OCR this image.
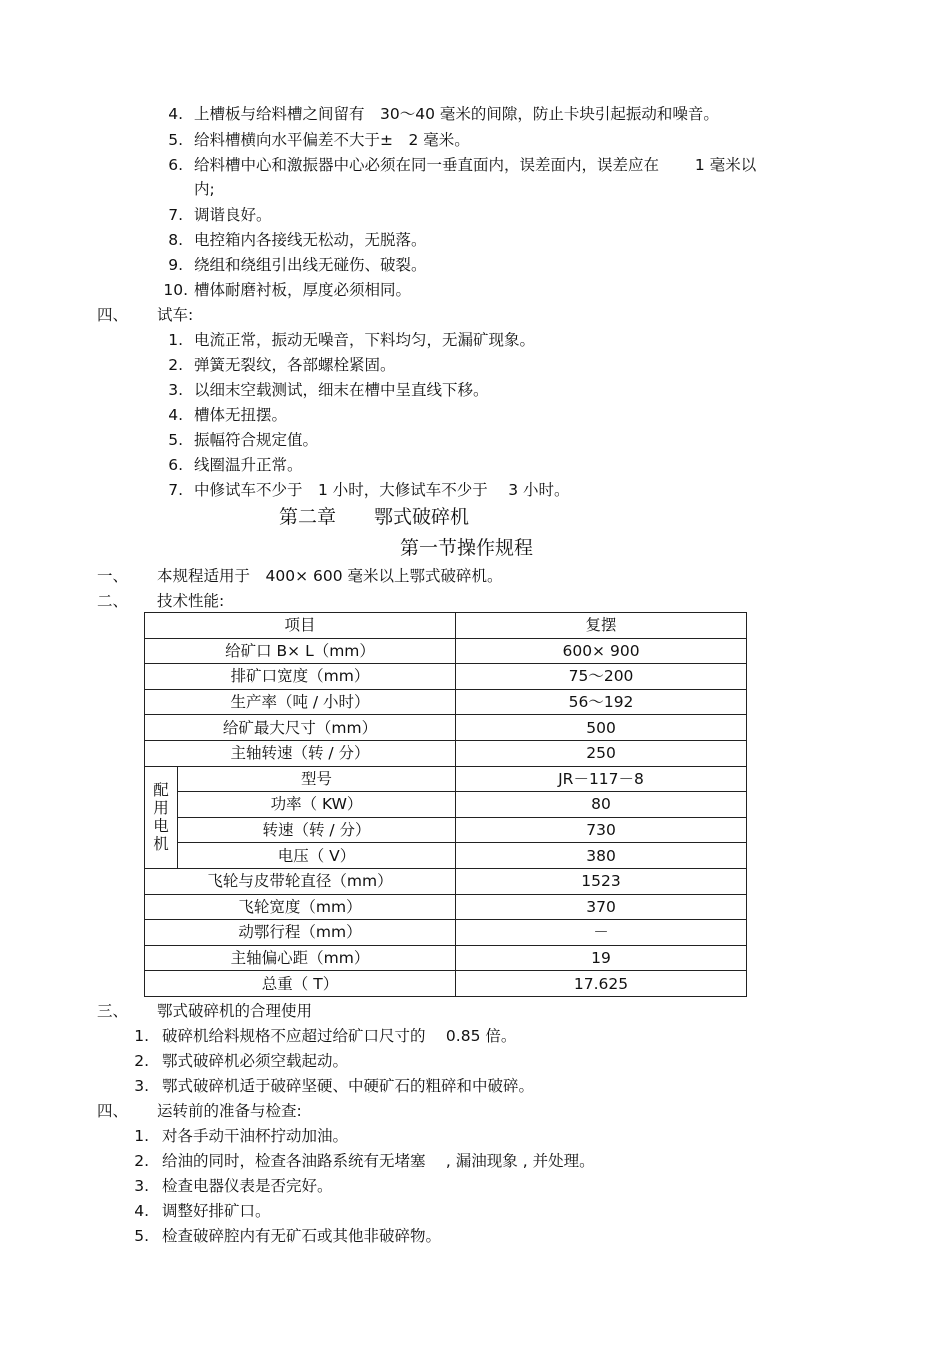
4. 上槽板与给料槽之间留有　30～40 毫米的间隙，防止卡块引起振动和噪音。
5. 给料槽横向水平偏差不大于±　2 毫米。
6. 给料槽中心和激振器中心必须在同一垂直面内，误差面内，误差应在　　 1 毫米以
内;
7. 调谐良好。
8. 电控箱内各接线无松动，无脱落。
9. 绕组和绕组引出线无碰伤、破裂。
10. 槽体耐磨衬板，厚度必须相同。
四、 试车:
1. 电流正常，振动无噪音，下料均匀，无漏矿现象。
2. 弹簧无裂纹，各部螺栓紧固。
3. 以细末空载测试，细末在槽中呈直线下移。
4. 槽体无扭摆。
5. 振幅符合规定值。
6. 线圈温升正常。
7. 中修试车不少于　1 小时，大修试车不少于　 3 小时。
第二章　　鄂式破碎机
第一节操作规程
一、 本规程适用于　400× 600 毫米以上鄂式破碎机。
二、 技术性能:
项目		复摆
给矿口 B× L（mm）		600× 900
排矿口宽度（mm）		75～200
生产率（吨 / 小时）		56～192
给矿最大尺寸（mm）		500
主轴转速（转 / 分）		250
配
用
电
机	型号	JR－117－8
	功率（ KW）	80
	转速（转 / 分）	730
	电压（ V）	380
飞轮与皮带轮直径（mm）		1523
飞轮宽度（mm）		370
动鄂行程（mm）		－
主轴偏心距（mm）		19
总重（ T）		17.625
三、 鄂式破碎机的合理使用
1. 破碎机给料规格不应超过给矿口尺寸的　 0.85 倍。
2. 鄂式破碎机必须空载起动。
3. 鄂式破碎机适于破碎坚硬、中硬矿石的粗碎和中破碎。
四、 运转前的准备与检查:
1. 对各手动干油杯拧动加油。
2. 给油的同时，检查各油路系统有无堵塞　 , 漏油现象 , 并处理。
3. 检查电器仪表是否完好。
4. 调整好排矿口。
5. 检查破碎腔内有无矿石或其他非破碎物。
